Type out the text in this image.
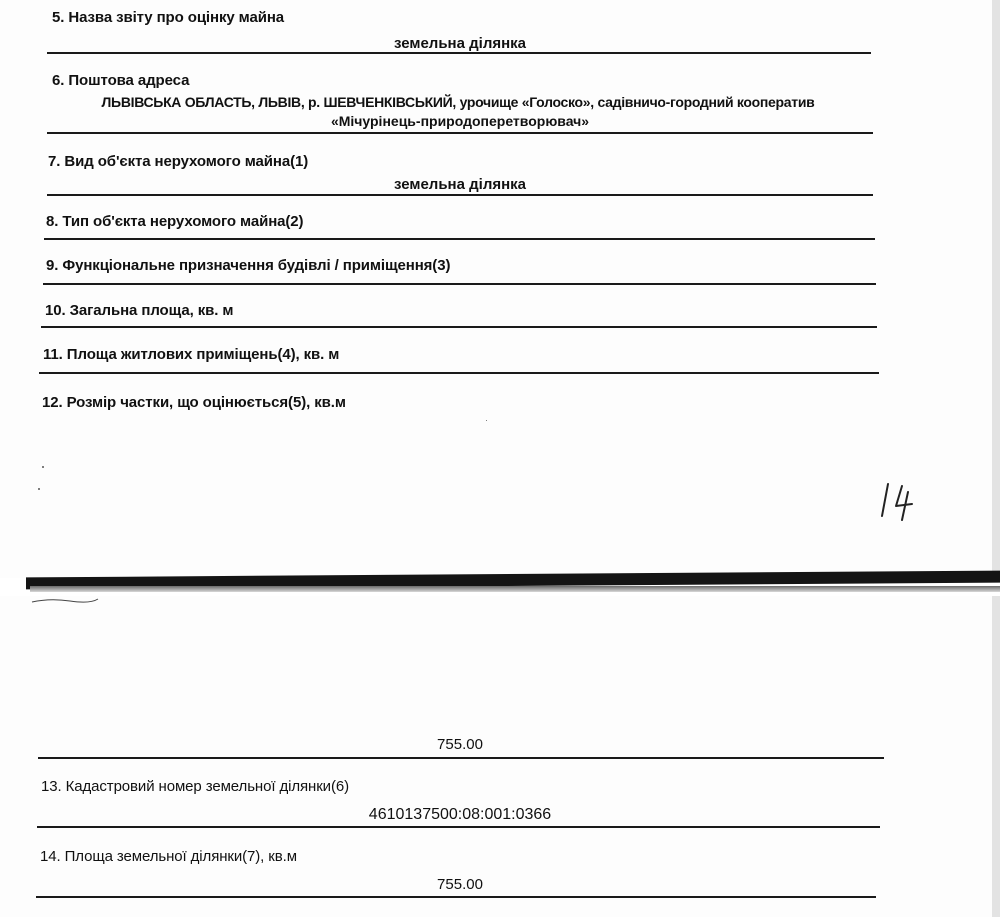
5. Назва звіту про оцінку майна
земельна ділянка
6. Поштова адреса
ЛЬВІВСЬКА ОБЛАСТЬ, ЛЬВІВ, р. ШЕВЧЕНКІВСЬКИЙ, урочище «Голоско», садівничо-городний кооператив
«Мічурінець-природоперетворювач»
7. Вид об'єкта нерухомого майна(1)
земельна ділянка
8. Тип об'єкта нерухомого майна(2)
9. Функціональне призначення будівлі / приміщення(3)
10. Загальна площа, кв. м
11. Площа житлових приміщень(4), кв. м
12. Розмір частки, що оцінюється(5), кв.м
755.00
13. Кадастровий номер земельної ділянки(6)
4610137500:08:001:0366
14. Площа земельної ділянки(7), кв.м
755.00
